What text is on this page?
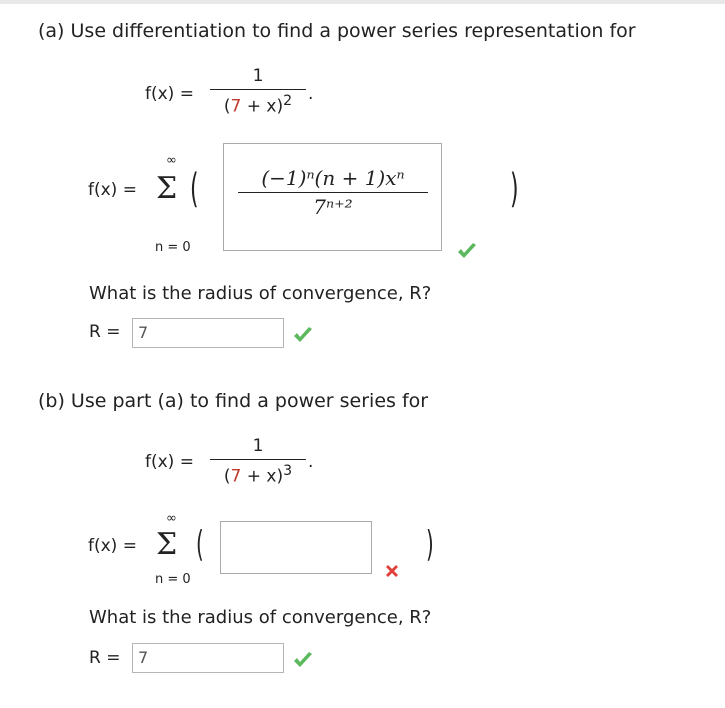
(a) Use differentiation to find a power series representation for
f(x) =
1
$(7 + x)^2$ .
f(x) =
∞
Σ
n = 0
(	(−1)ⁿ(n + 1)xⁿ
7ⁿ⁺²	)
What is the radius of convergence, R?
R =	7
(b) Use part (a) to find a power series for
f(x) =
1
$(7 + x)^3$ .
f(x) =
∞
Σ
n = 0
(	)
What is the radius of convergence, R?
R =	7
